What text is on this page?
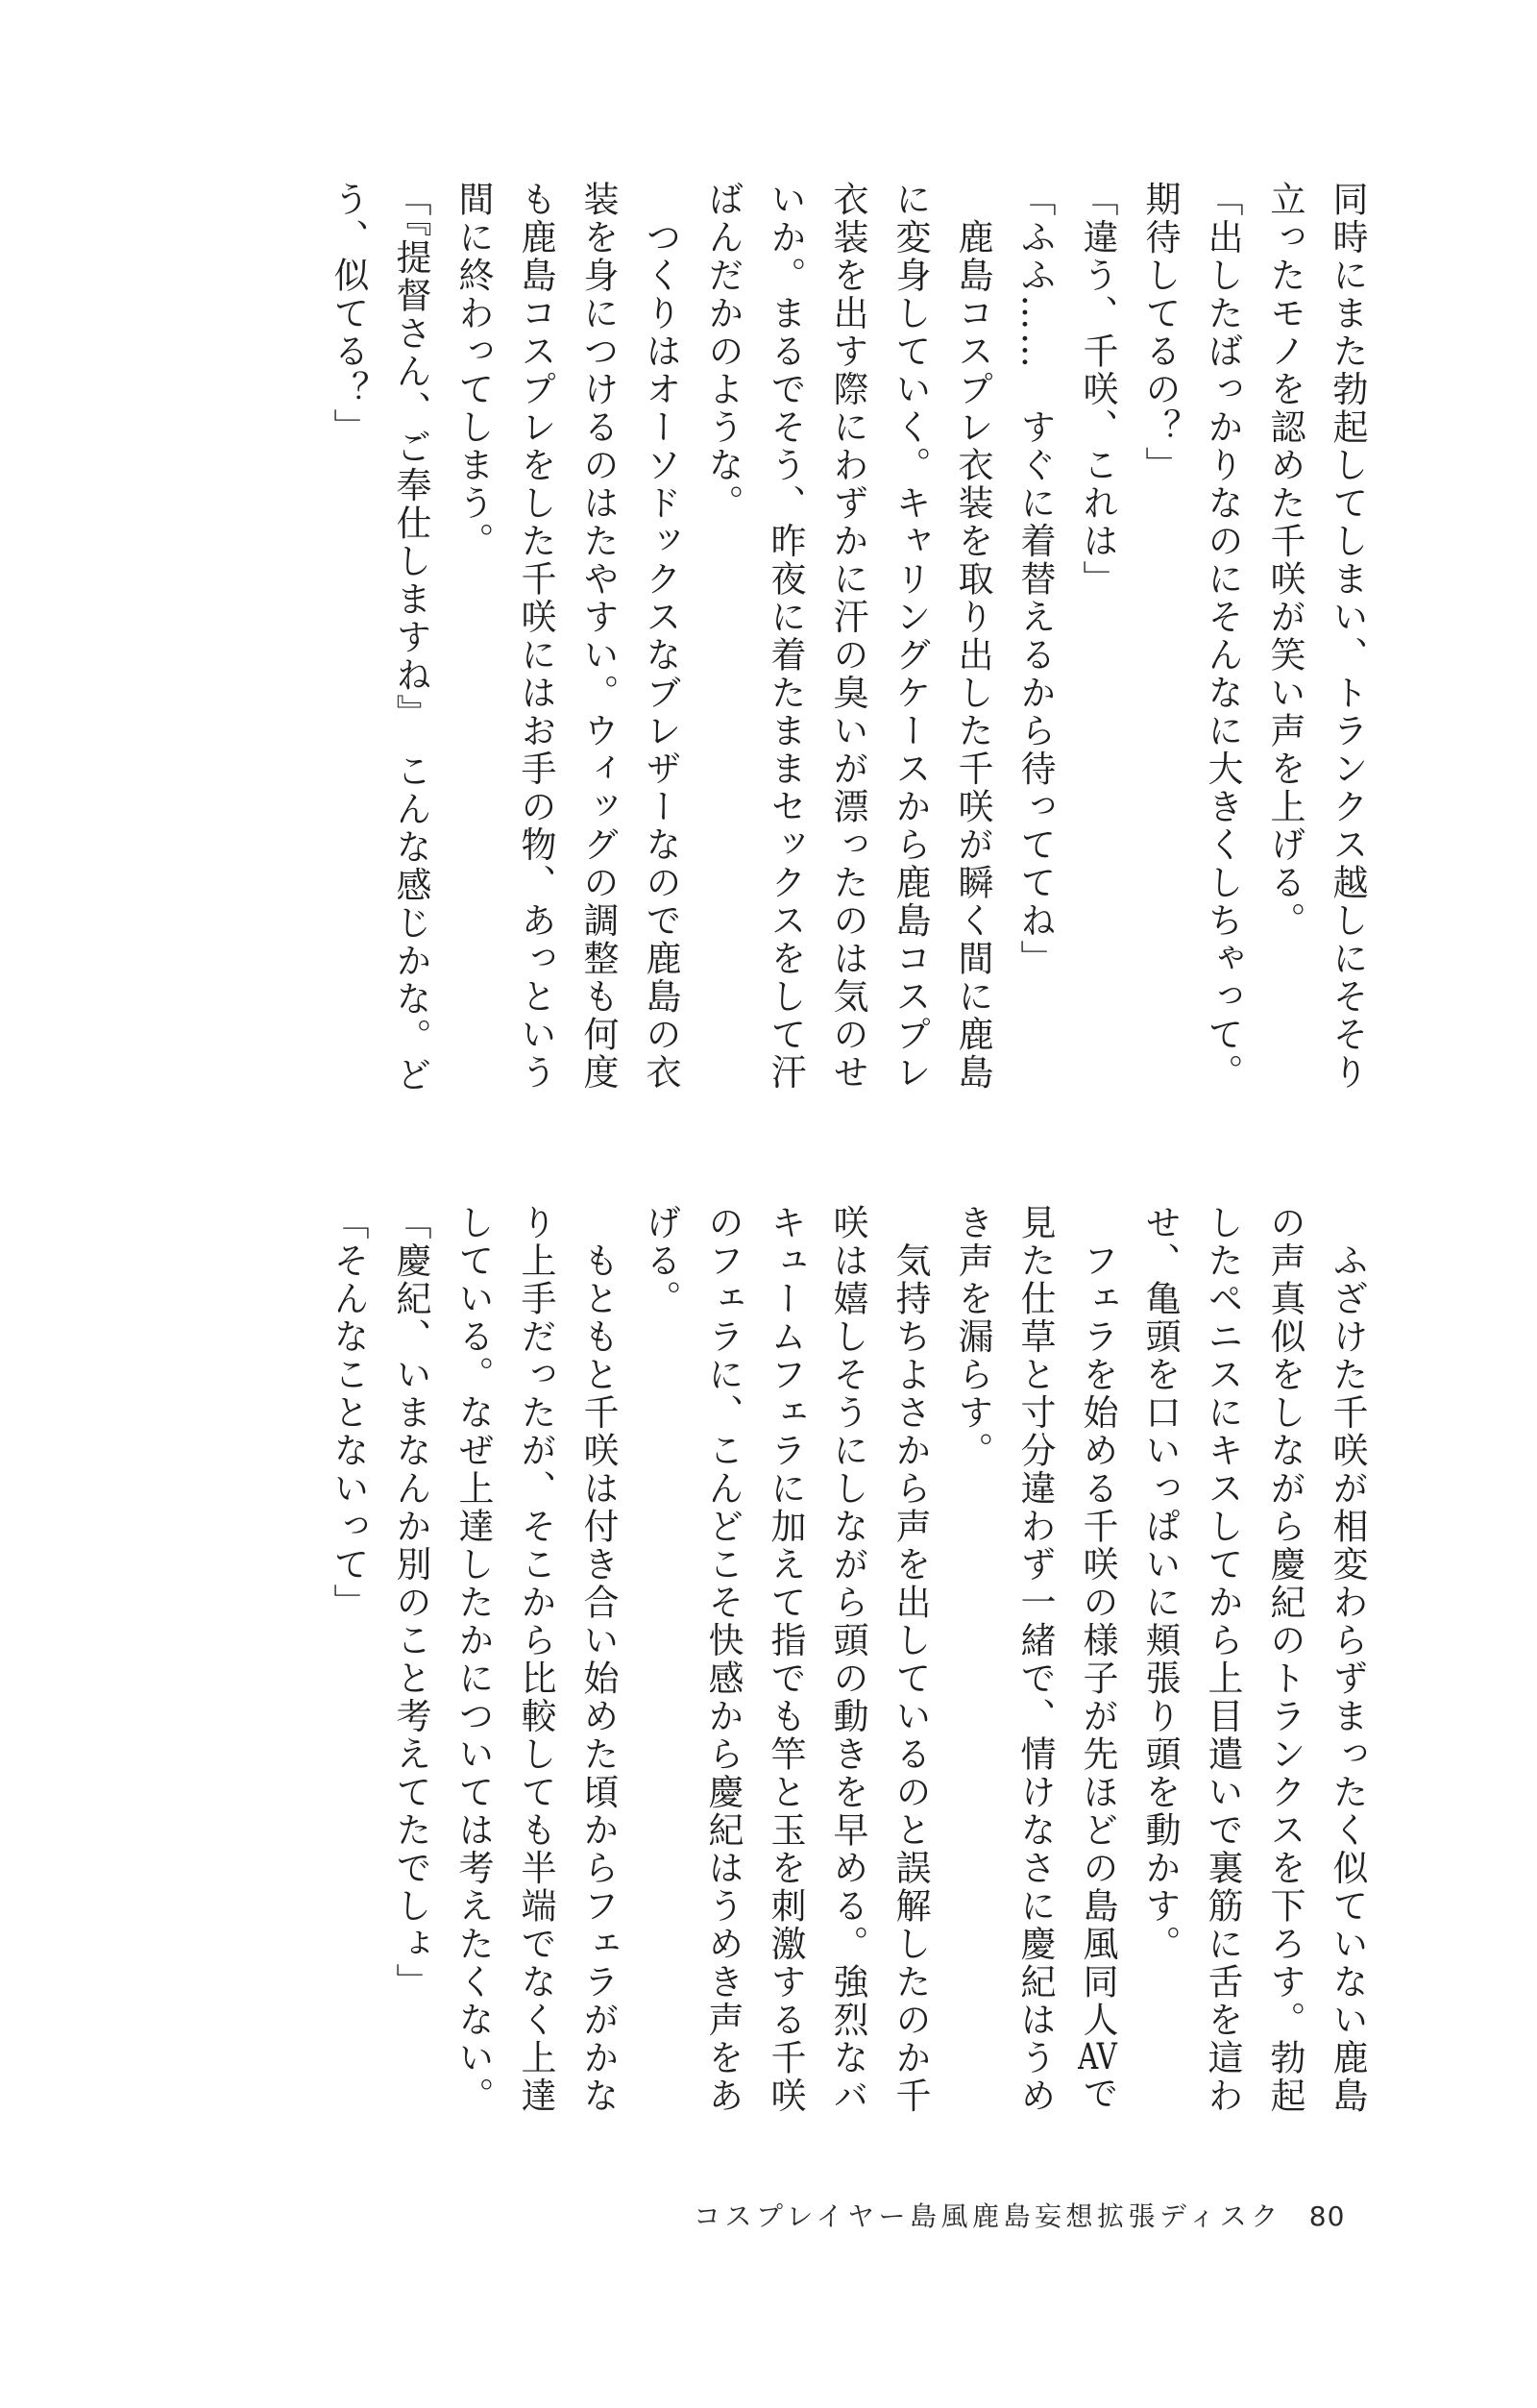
同時にまた勃起してしまい、トランクス越しにそそり

立ったモノを認めた千咲が笑い声を上げる。

「出したばっかりなのにそんなに大きくしちゃって。

期待してるの？」

「違う、千咲、これは」

「ふふ……　すぐに着替えるから待っててね」

　鹿島コスプレ衣装を取り出した千咲が瞬く間に鹿島

に変身していく。キャリングケースから鹿島コスプレ

衣装を出す際にわずかに汗の臭いが漂ったのは気のせ

いか。まるでそう、昨夜に着たままセックスをして汗

ばんだかのような。

　つくりはオーソドックスなブレザーなので鹿島の衣

装を身につけるのはたやすい。ウィッグの調整も何度

も鹿島コスプレをした千咲にはお手の物、あっという

間に終わってしまう。

「『提督さん、ご奉仕しますね』　こんな感じかな。ど

う、似てる？」

　ふざけた千咲が相変わらずまったく似ていない鹿島

の声真似をしながら慶紀のトランクスを下ろす。勃起

したペニスにキスしてから上目遣いで裏筋に舌を這わ

せ、亀頭を口いっぱいに頬張り頭を動かす。

　フェラを始める千咲の様子が先ほどの島風同人AVで

見た仕草と寸分違わず一緒で、情けなさに慶紀はうめ

き声を漏らす。

　気持ちよさから声を出しているのと誤解したのか千

咲は嬉しそうにしながら頭の動きを早める。強烈なバ

キュームフェラに加えて指でも竿と玉を刺激する千咲

のフェラに、こんどこそ快感から慶紀はうめき声をあ

げる。

　もともと千咲は付き合い始めた頃からフェラがかな

り上手だったが、そこから比較しても半端でなく上達

している。なぜ上達したかについては考えたくない。

「慶紀、いまなんか別のこと考えてたでしょ」

「そんなことないって」

コスプレイヤー島風鹿島妄想拡張ディスク 80
